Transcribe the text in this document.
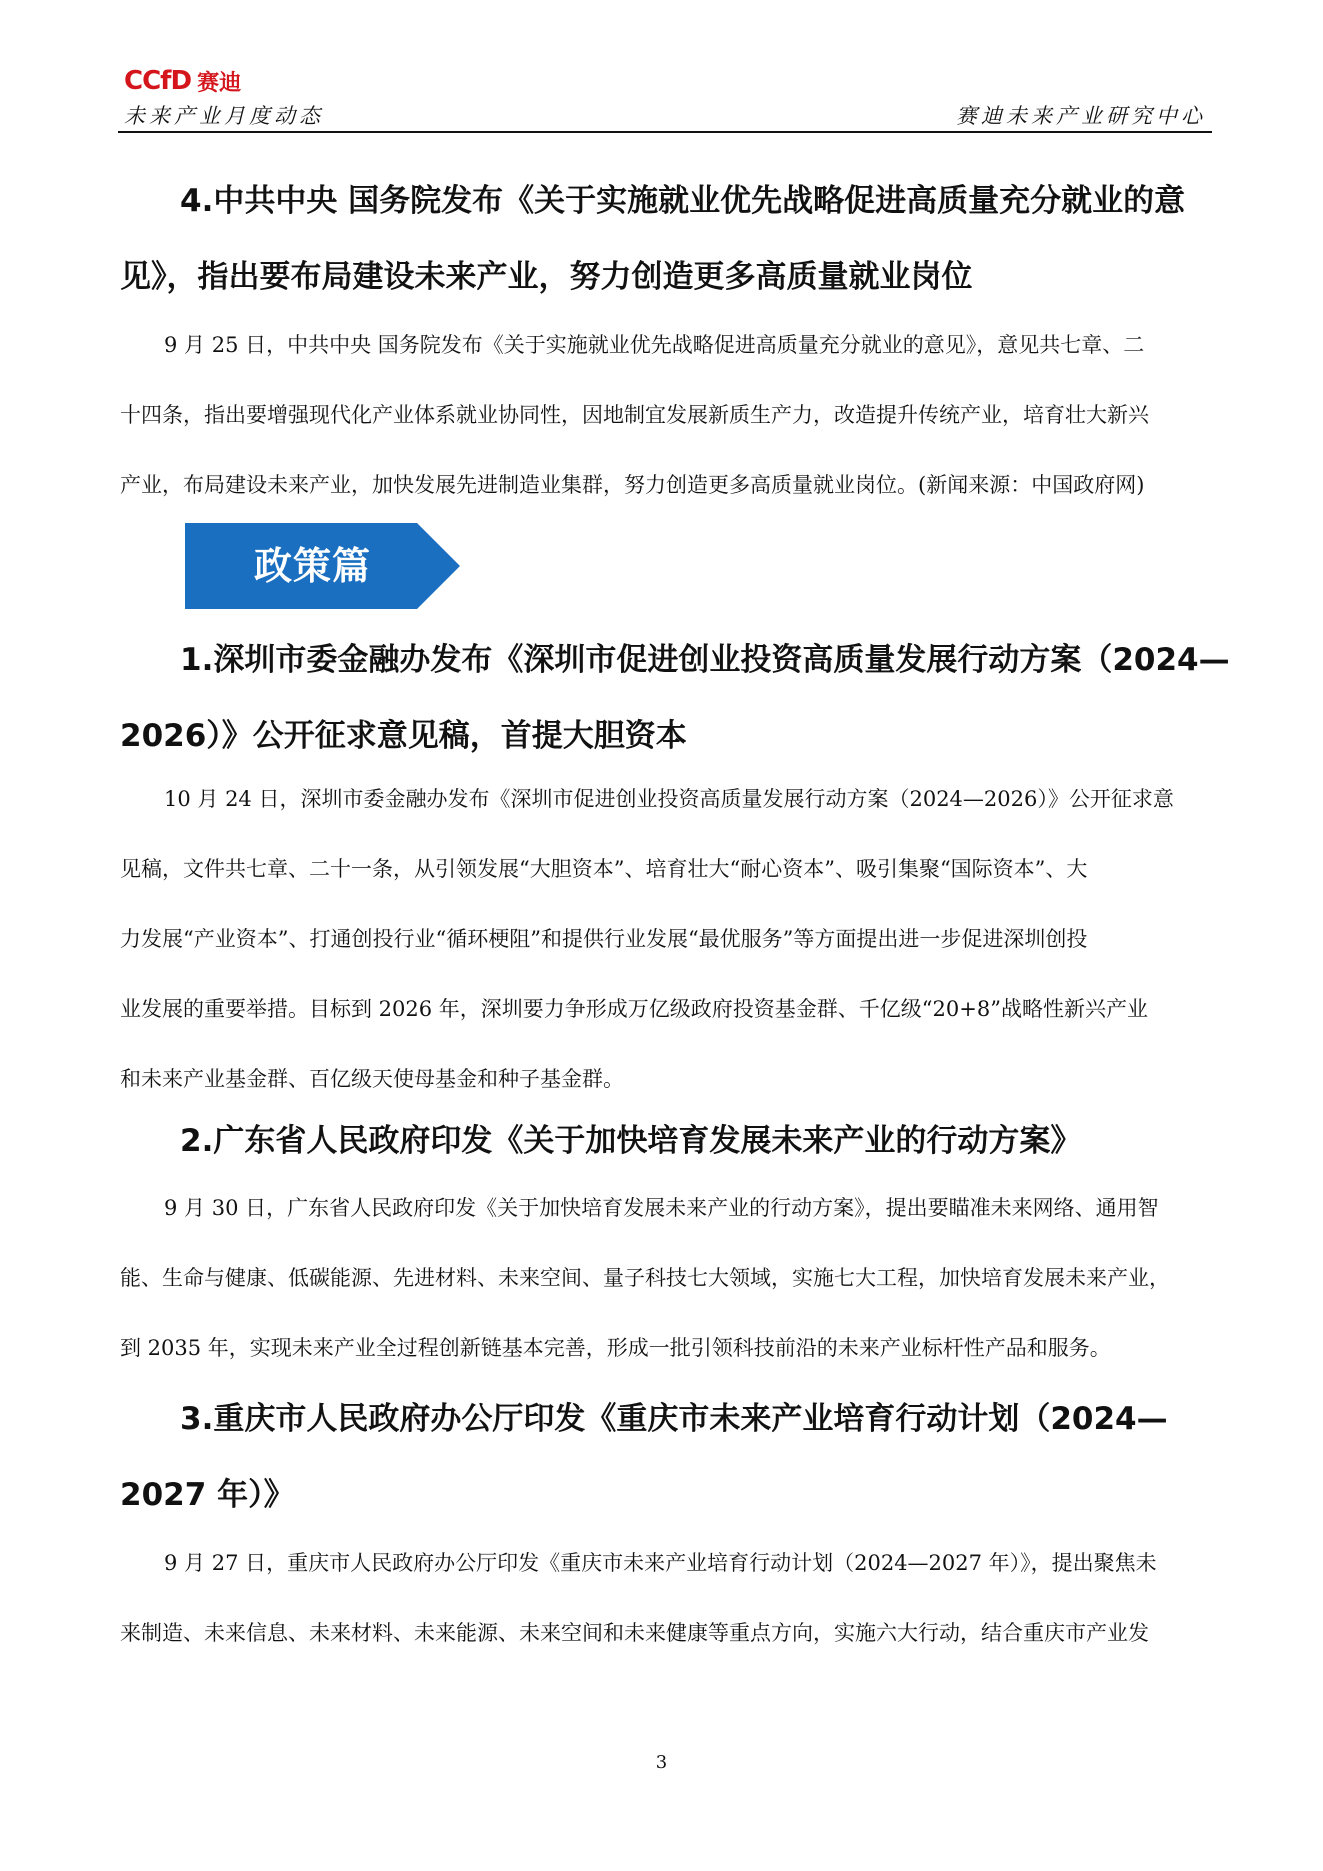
CCfD 赛迪
未来产业月度动态	赛迪未来产业研究中心
4.中共中央 国务院发布《关于实施就业优先战略促进高质量充分就业的意
见》，指出要布局建设未来产业，努力创造更多高质量就业岗位
9 月 25 日，中共中央 国务院发布《关于实施就业优先战略促进高质量充分就业的意见》，意见共七章、二
十四条，指出要增强现代化产业体系就业协同性，因地制宜发展新质生产力，改造提升传统产业，培育壮大新兴
产业，布局建设未来产业，加快发展先进制造业集群，努力创造更多高质量就业岗位。(新闻来源：中国政府网)
政策篇
1.深圳市委金融办发布《深圳市促进创业投资高质量发展行动方案（2024—
2026）》公开征求意见稿，首提大胆资本
10 月 24 日，深圳市委金融办发布《深圳市促进创业投资高质量发展行动方案（2024—2026）》公开征求意
见稿，文件共七章、二十一条，从引领发展“大胆资本”、培育壮大“耐心资本”、吸引集聚“国际资本”、大
力发展“产业资本”、打通创投行业“循环梗阻”和提供行业发展“最优服务”等方面提出进一步促进深圳创投
业发展的重要举措。目标到 2026 年，深圳要力争形成万亿级政府投资基金群、千亿级“20+8”战略性新兴产业
和未来产业基金群、百亿级天使母基金和种子基金群。
2.广东省人民政府印发《关于加快培育发展未来产业的行动方案》
9 月 30 日，广东省人民政府印发《关于加快培育发展未来产业的行动方案》，提出要瞄准未来网络、通用智
能、生命与健康、低碳能源、先进材料、未来空间、量子科技七大领域，实施七大工程，加快培育发展未来产业，
到 2035 年，实现未来产业全过程创新链基本完善，形成一批引领科技前沿的未来产业标杆性产品和服务。
3.重庆市人民政府办公厅印发《重庆市未来产业培育行动计划（2024—
2027 年）》
9 月 27 日，重庆市人民政府办公厅印发《重庆市未来产业培育行动计划（2024—2027 年）》，提出聚焦未
来制造、未来信息、未来材料、未来能源、未来空间和未来健康等重点方向，实施六大行动，结合重庆市产业发
3
